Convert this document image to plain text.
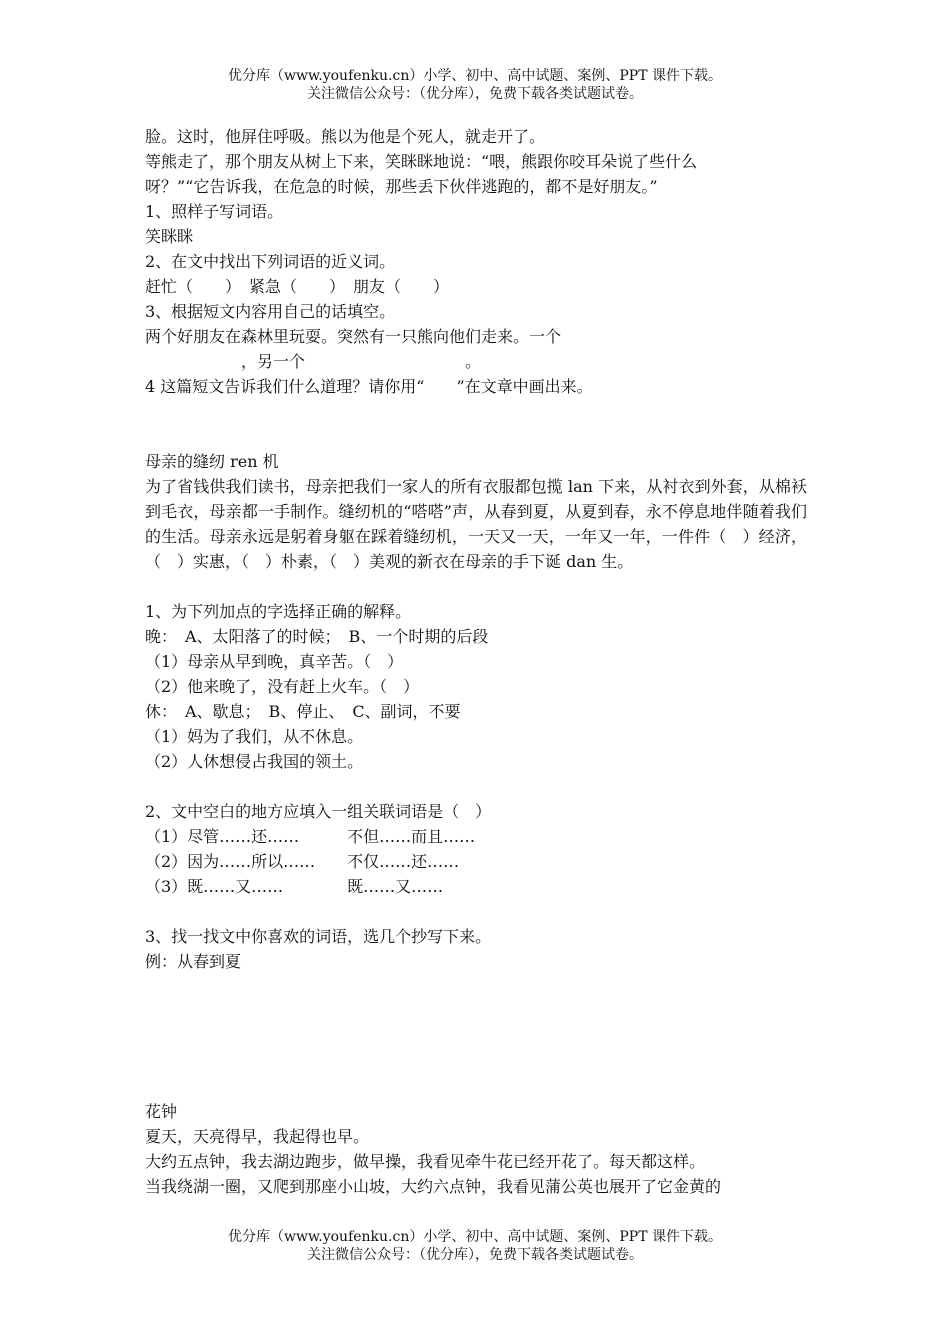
优分库（www.youfenku.cn）小学、初中、高中试题、案例、PPT 课件下载。
关注微信公众号：（优分库），免费下载各类试题试卷。

脸。这时，他屏住呼吸。熊以为他是个死人，就走开了。

等熊走了，那个朋友从树上下来，笑眯眯地说：“喂，熊跟你咬耳朵说了些什么

呀？”“它告诉我，在危急的时候，那些丢下伙伴逃跑的，都不是好朋友。”

1、照样子写词语。

笑眯眯

2、在文中找出下列词语的近义词。

赶忙（　　）　紧急（　　）　朋友（　　）

3、根据短文内容用自己的话填空。

两个好朋友在森林里玩耍。突然有一只熊向他们走来。一个

　　　　　　，另一个　　　　　　　　　　。

4 这篇短文告诉我们什么道理？请你用“　　”在文章中画出来。

母亲的缝纫 ren 机

为了省钱供我们读书，母亲把我们一家人的所有衣服都包揽 lan 下来，从衬衣到外套，从棉袄到毛衣，母亲都一手制作。缝纫机的“嗒嗒”声，从春到夏，从夏到春，永不停息地伴随着我们的生活。母亲永远是躬着身躯在踩着缝纫机，一天又一天，一年又一年，一件件（　）经济，（　）实惠，（　）朴素，（　）美观的新衣在母亲的手下诞 dan 生。

1、为下列加点的字选择正确的解释。

晚：　A、太阳落了的时候；　B、一个时期的后段

（1）母亲从早到晚，真辛苦。（　）

（2）他来晚了，没有赶上火车。（　）

休：　A、歇息；　B、停止、　C、副词，不要

（1）妈为了我们，从不休息。

（2）人休想侵占我国的领土。

2、文中空白的地方应填入一组关联词语是（　）

（1）尽管……还……　　　不但……而且……

（2）因为……所以……　　不仅……还……

（3）既……又……　　　　既……又……

3、找一找文中你喜欢的词语，选几个抄写下来。

例：从春到夏

花钟

夏天，天亮得早，我起得也早。

大约五点钟，我去湖边跑步，做早操，我看见牵牛花已经开花了。每天都这样。

当我绕湖一圈，又爬到那座小山坡，大约六点钟，我看见蒲公英也展开了它金黄的

优分库（www.youfenku.cn）小学、初中、高中试题、案例、PPT 课件下载。
关注微信公众号：（优分库），免费下载各类试题试卷。
